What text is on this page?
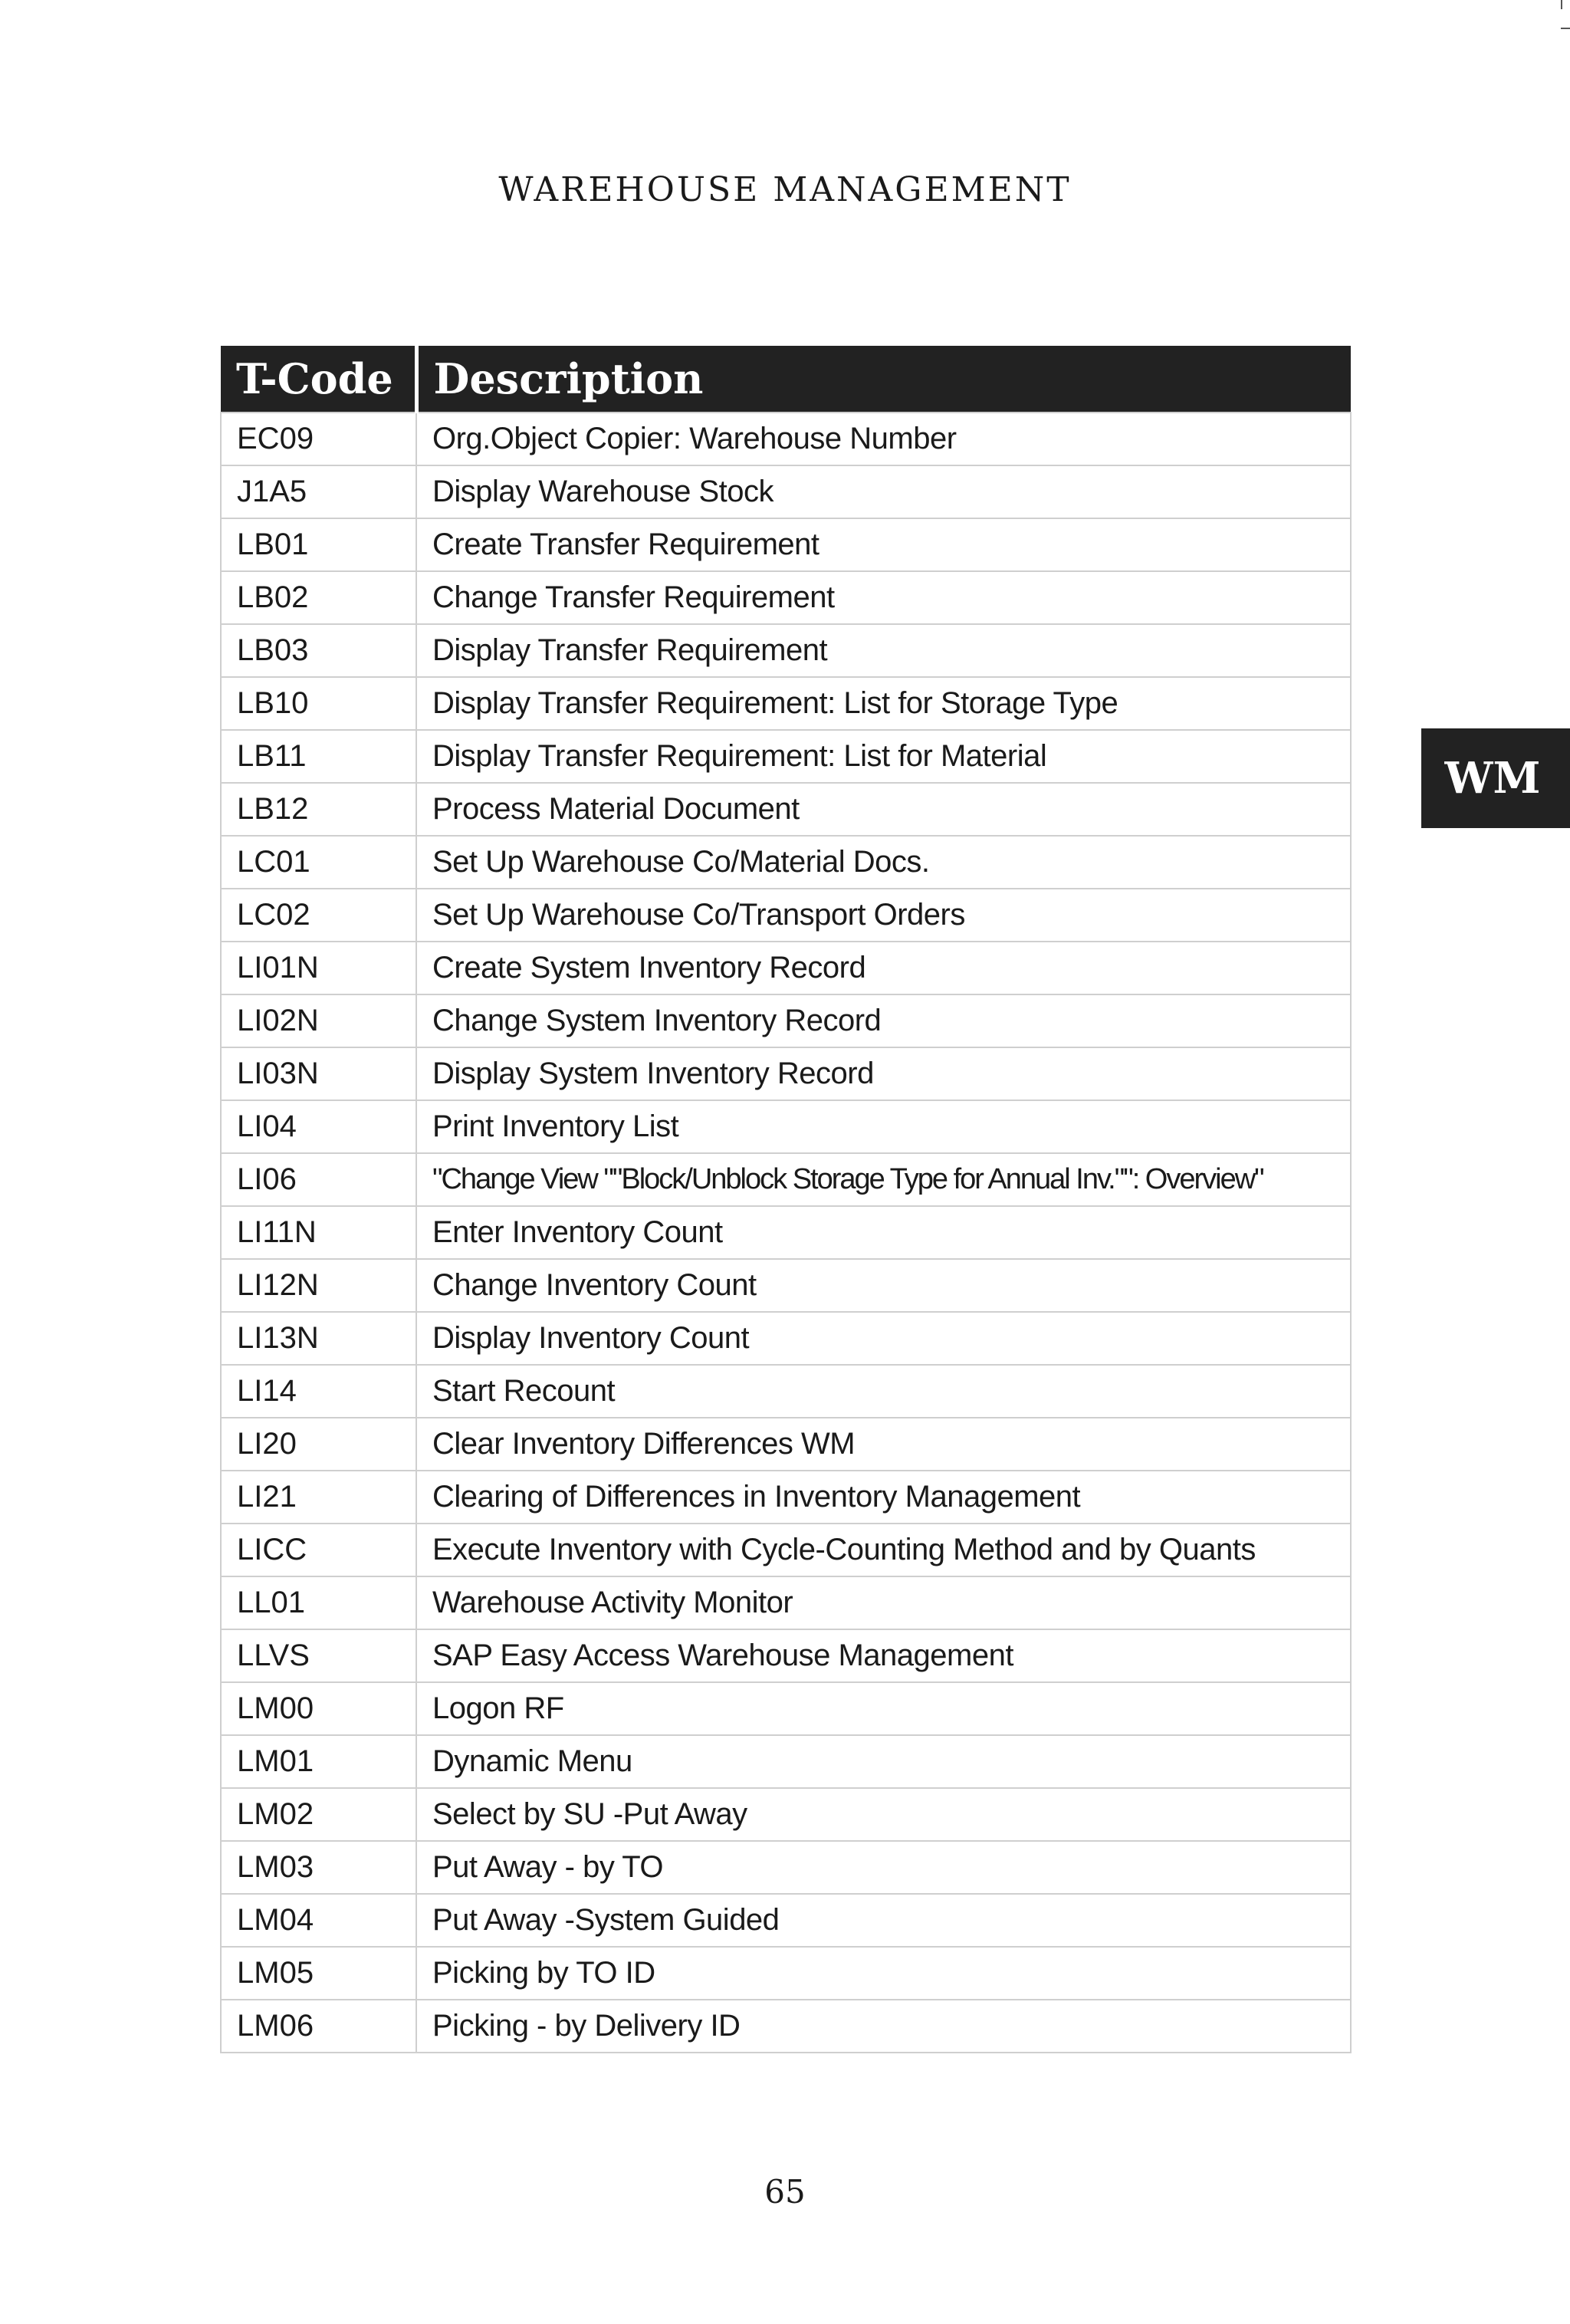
WAREHOUSE MANAGEMENT
WM
T-Code	Description
EC09	Org.Object Copier: Warehouse Number
J1A5	Display Warehouse Stock
LB01	Create Transfer Requirement
LB02	Change Transfer Requirement
LB03	Display Transfer Requirement
LB10	Display Transfer Requirement: List for Storage Type
LB11	Display Transfer Requirement: List for Material
LB12	Process Material Document
LC01	Set Up Warehouse Co/Material Docs.
LC02	Set Up Warehouse Co/Transport Orders
LI01N	Create System Inventory Record
LI02N	Change System Inventory Record
LI03N	Display System Inventory Record
LI04	Print Inventory List
LI06	"Change View ""Block/Unblock Storage Type for Annual Inv."": Overview"
LI11N	Enter Inventory Count
LI12N	Change Inventory Count
LI13N	Display Inventory Count
LI14	Start Recount
LI20	Clear Inventory Differences WM
LI21	Clearing of Differences in Inventory Management
LICC	Execute Inventory with Cycle-Counting Method and by Quants
LL01	Warehouse Activity Monitor
LLVS	SAP Easy Access Warehouse Management
LM00	Logon RF
LM01	Dynamic Menu
LM02	Select by SU -Put Away
LM03	Put Away - by TO
LM04	Put Away -System Guided
LM05	Picking by TO ID
LM06	Picking - by Delivery ID
65
